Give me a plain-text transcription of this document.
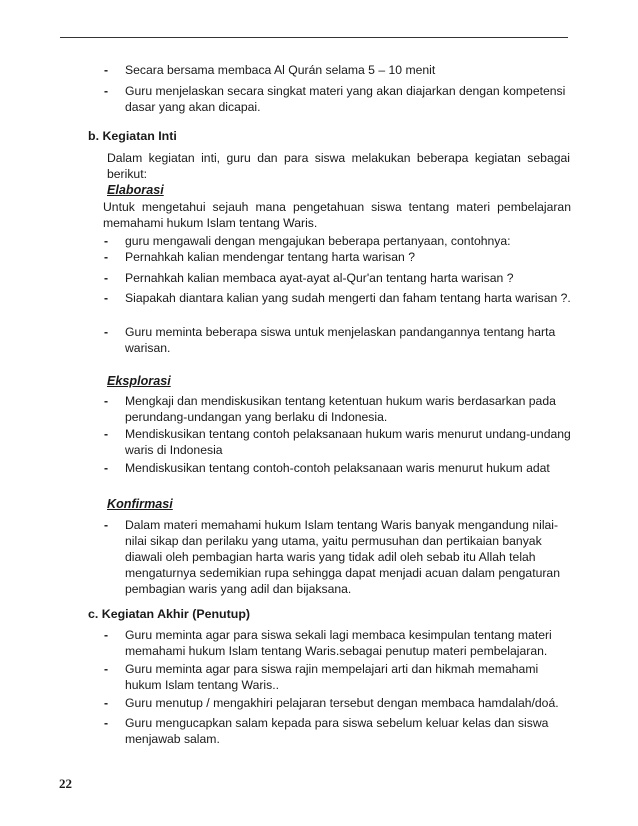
- Secara bersama membaca Al Qurán selama 5 – 10 menit
- Guru menjelaskan secara singkat materi yang akan diajarkan dengan kompetensi dasar yang akan dicapai.
b. Kegiatan Inti
Dalam kegiatan inti, guru dan para siswa melakukan beberapa kegiatan sebagai berikut:
Elaborasi
Untuk mengetahui sejauh mana pengetahuan siswa tentang materi pembelajaran memahami hukum Islam tentang Waris.
- guru mengawali dengan mengajukan beberapa pertanyaan, contohnya:
- Pernahkah kalian mendengar tentang harta warisan ?
- Pernahkah kalian membaca ayat-ayat al-Qur'an tentang harta warisan ?
- Siapakah diantara kalian yang sudah mengerti dan faham tentang harta warisan ?.
- Guru meminta beberapa siswa untuk menjelaskan pandangannya tentang harta warisan.
Eksplorasi
- Mengkaji dan mendiskusikan tentang ketentuan hukum waris berdasarkan pada perundang-undangan yang berlaku di Indonesia.
- Mendiskusikan tentang contoh pelaksanaan hukum waris menurut undang-undang waris di Indonesia
- Mendiskusikan tentang contoh-contoh pelaksanaan waris menurut hukum adat
Konfirmasi
- Dalam materi memahami hukum Islam tentang Waris banyak mengandung nilai-nilai sikap dan perilaku yang utama, yaitu permusuhan dan pertikaian banyak diawali oleh pembagian harta waris yang tidak adil oleh sebab itu Allah telah mengaturnya sedemikian rupa sehingga dapat menjadi acuan dalam pengaturan pembagian waris yang adil dan bijaksana.
c. Kegiatan Akhir (Penutup)
- Guru meminta agar para siswa sekali lagi membaca kesimpulan tentang materi memahami hukum Islam tentang Waris.sebagai penutup materi pembelajaran.
- Guru meminta agar para siswa rajin mempelajari arti dan hikmah memahami hukum Islam tentang Waris..
- Guru menutup / mengakhiri pelajaran tersebut dengan membaca hamdalah/doá.
- Guru mengucapkan salam kepada para siswa sebelum keluar kelas dan siswa menjawab salam.
22
